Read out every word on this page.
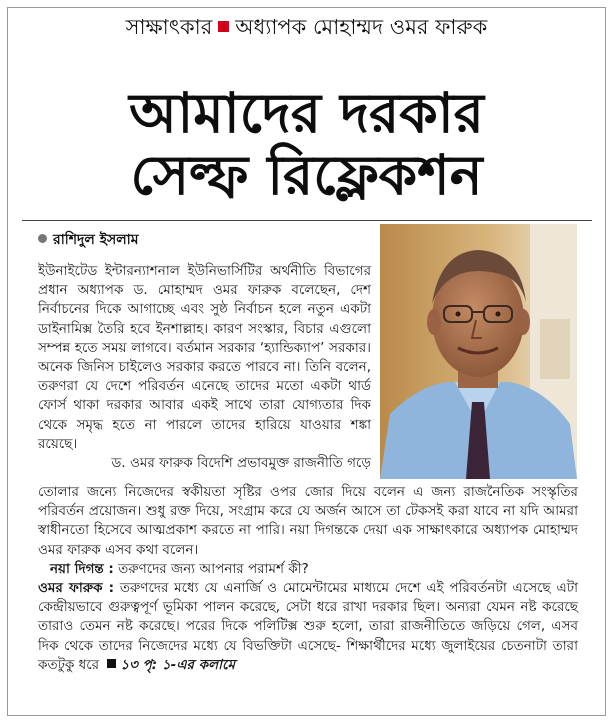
সাক্ষাৎকার অধ্যাপক মোহাম্মদ ওমর ফারুক
আমাদের দরকার
সেল্ফ রিফ্লেকশন
রাশিদুল ইসলাম

ইউনাইটেড ইন্টারন্যাশনাল ইউনিভার্সিটির অর্থনীতি বিভাগের প্রধান অধ্যাপক ড. মোহাম্মদ ওমর ফারুক বলেছেন, দেশ নির্বাচনের দিকে আগাচ্ছে এবং সুষ্ঠ নির্বাচন হলে নতুন একটা ডাইনামিক্স তৈরি হবে ইনশাল্লাহ। কারণ সংস্কার, বিচার এগুলো সম্পন্ন হতে সময় লাগবে। বর্তমান সরকার ‘হ্যান্ডিক্যাপ’ সরকার। অনেক জিনিস চাইলেও সরকার করতে পারবে না। তিনি বলেন, তরুণরা যে দেশে পরিবর্তন এনেছে তাদের মতো একটা থার্ড ফোর্স থাকা দরকার আবার একই সাথে তারা যোগ্যতার দিক থেকে সমৃদ্ধ হতে না পারলে তাদের হারিয়ে যাওয়ার শঙ্কা রয়েছে।

ড. ওমর ফারুক বিদেশি প্রভাবমুক্ত রাজনীতি গড়ে

তোলার জন্যে নিজেদের স্বকীয়তা সৃষ্টির ওপর জোর দিয়ে বলেন এ জন্য রাজনৈতিক সংস্কৃতির পরিবর্তন প্রয়োজন। শুধু রক্ত দিয়ে, সংগ্রাম করে যে অর্জন আসে তা টেকসই করা যাবে না যদি আমরা স্বাধীনতো হিসেবে আত্মপ্রকাশ করতে না পারি। নয়া দিগন্তকে দেয়া এক সাক্ষাৎকারে অধ্যাপক মোহাম্মদ ওমর ফারুক এসব কথা বলেন।

নয়া দিগন্ত : তরুণদের জন্য আপনার পরামর্শ কী?

ওমর ফারুক : তরুণদের মধ্যে যে এনার্জি ও মোমেন্টামের মাধ্যমে দেশে এই পরিবর্তনটা এসেছে এটা কেন্দ্রীয়ভাবে গুরুত্বপূর্ণ ভূমিকা পালন করেছে, সেটা ধরে রাখা দরকার ছিল। অন্যরা যেমন নষ্ট করেছে তারাও তেমন নষ্ট করেছে। পরের দিকে পলিটিক্স শুরু হলো, তারা রাজনীতিতে জড়িয়ে গেল, এসব দিক থেকে তাদের নিজেদের মধ্যে যে বিভক্তিটা এসেছে- শিক্ষার্থীদের মধ্যে জুলাইয়ের চেতনাটা তারা কতটুকু ধরে ১৩ পৃ: ১-এর কলামে
